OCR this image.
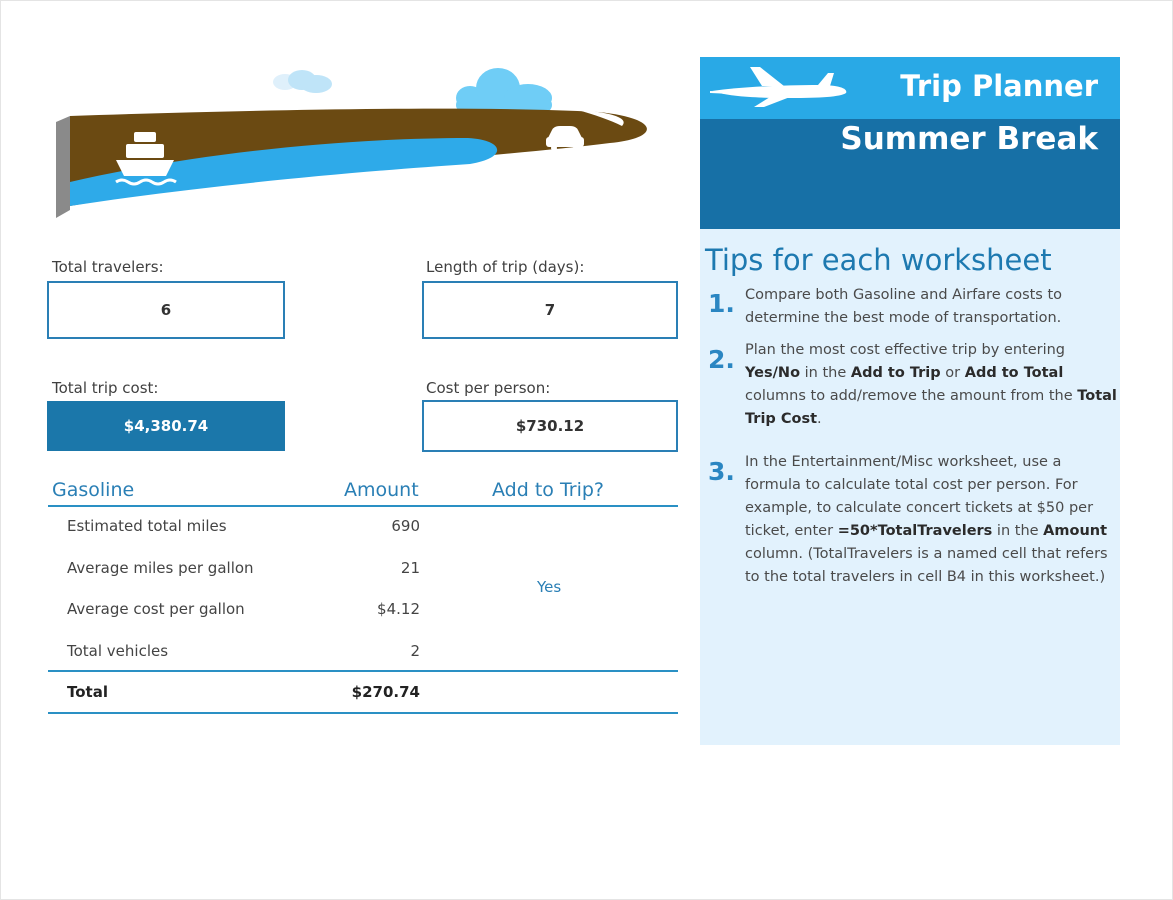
Total travelers:
6
Length of trip (days):
7
Total trip cost:
$4,380.74
Cost per person:
$730.12
Gasoline	Amount	Add to Trip?
Estimated total miles	690
Average miles per gallon	21
Average cost per gallon	$4.12
Total vehicles	2
Yes
Total	$270.74
Trip Planner
Summer Break
Tips for each worksheet
1. Compare both Gasoline and Airfare costs to determine the best mode of transportation.
2. Plan the most cost effective trip by entering Yes/No in the Add to Trip or Add to Total columns to add/remove the amount from the Total Trip Cost.
3. In the Entertainment/Misc worksheet, use a formula to calculate total cost per person. For example, to calculate concert tickets at $50 per ticket, enter =50*TotalTravelers in the Amount column. (TotalTravelers is a named cell that refers to the total travelers in cell B4 in this worksheet.)
